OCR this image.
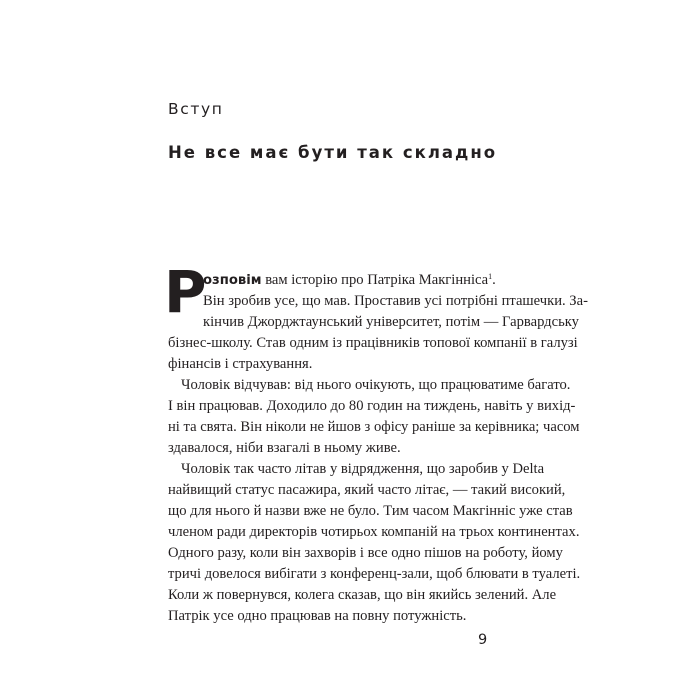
Вступ
Не все має бути так складно
Р
озповім вам історію про Патріка Макгінніса$^1$.
Він зробив усе, що мав. Проставив усі потрібні пташечки. За-
кінчив Джорджтаунський університет, потім — Гарвардську
бізнес-школу. Став одним із працівників топової компанії в галузі
фінансів і страхування.
Чоловік відчував: від нього очікують, що працюватиме багато.
І він працював. Доходило до 80 годин на тиждень, навіть у вихід-
ні та свята. Він ніколи не йшов з офісу раніше за керівника; часом
здавалося, ніби взагалі в ньому живе.
Чоловік так часто літав у відрядження, що заробив у Delta
найвищий статус пасажира, який часто літає, — такий високий,
що для нього й назви вже не було. Тим часом Макгінніс уже став
членом ради директорів чотирьох компаній на трьох континентах.
Одного разу, коли він захворів і все одно пішов на роботу, йому
тричі довелося вибігати з конференц-зали, щоб блювати в туалеті.
Коли ж повернувся, колега сказав, що він якийсь зелений. Але
Патрік усе одно працював на повну потужність.
9
